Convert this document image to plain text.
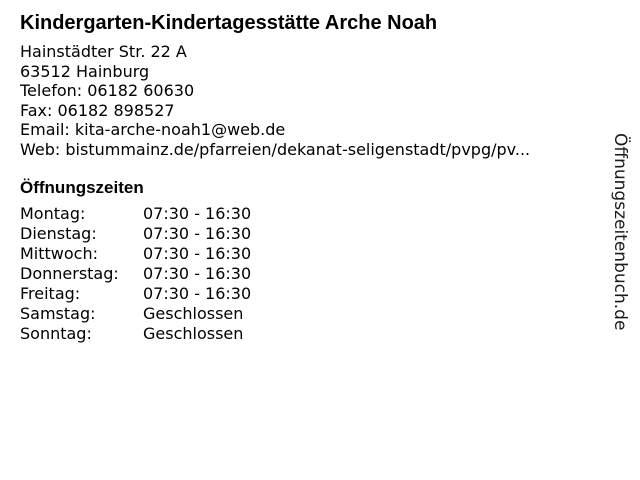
Kindergarten-Kindertagesstätte Arche Noah
Hainstädter Str. 22 A
63512 Hainburg
Telefon: 06182 60630
Fax: 06182 898527
Email: kita-arche-noah1@web.de
Web: bistummainz.de/pfarreien/dekanat-seligenstadt/pvpg/pv...
Öffnungszeiten
Montag:	07:30 - 16:30
Dienstag:	07:30 - 16:30
Mittwoch:	07:30 - 16:30
Donnerstag:	07:30 - 16:30
Freitag:	07:30 - 16:30
Samstag:	Geschlossen
Sonntag:	Geschlossen
Öffnungszeitenbuch.de
